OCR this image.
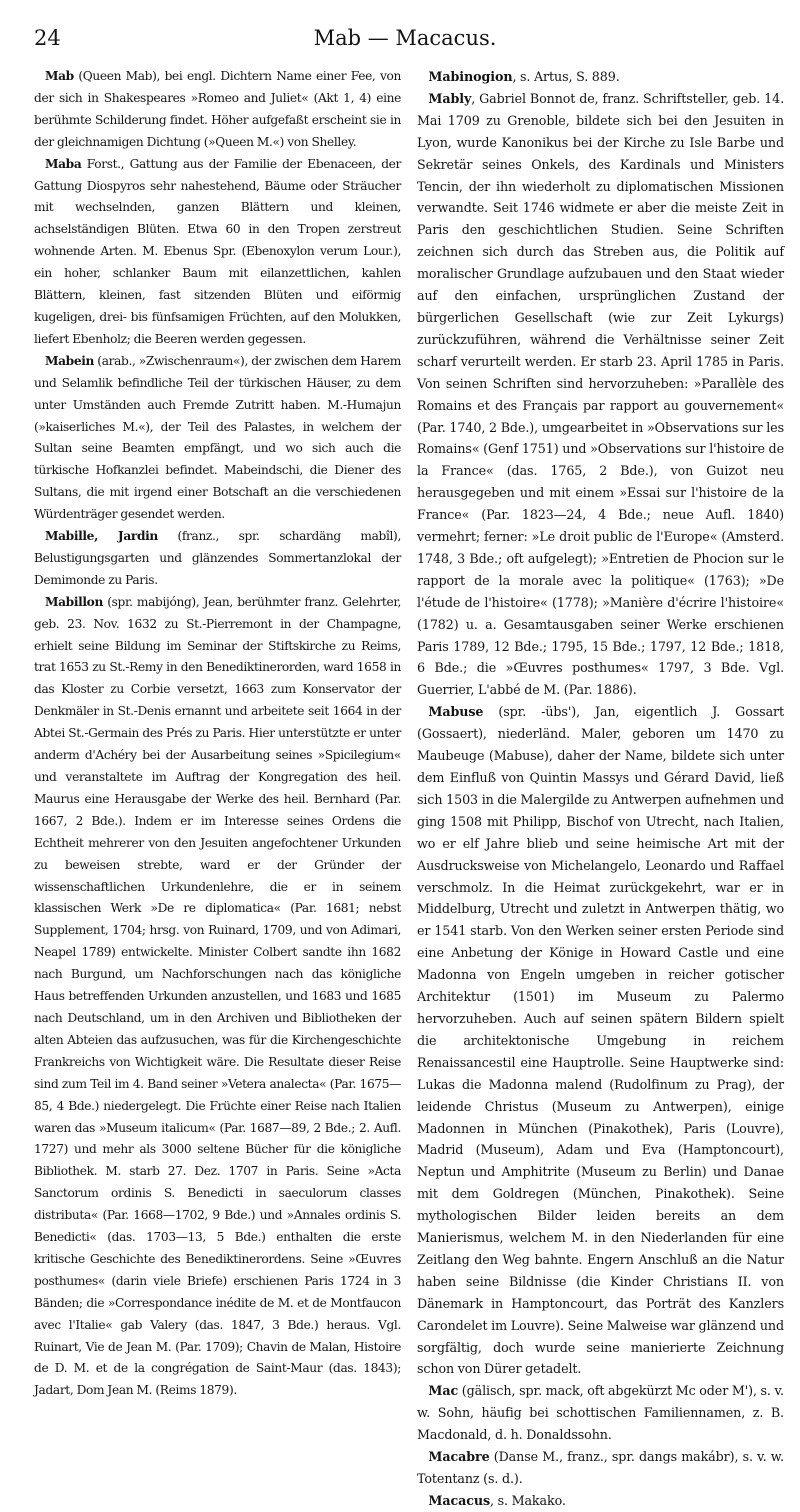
24	Mab — Macacus.

Mab (Queen Mab), bei engl. Dichtern Name einer Fee, von der sich in Shakespeares »Romeo and Juliet« (Akt 1, 4) eine berühmte Schilderung findet. Höher aufgefaßt erscheint sie in der gleichnamigen Dichtung (»Queen M.«) von Shelley.

Maba Forst., Gattung aus der Familie der Ebenaceen, der Gattung Diospyros sehr nahestehend, Bäume oder Sträucher mit wechselnden, ganzen Blättern und kleinen, achselständigen Blüten. Etwa 60 in den Tropen zerstreut wohnende Arten. M. Ebenus Spr. (Ebenoxylon verum Lour.), ein hoher, schlanker Baum mit eilanzettlichen, kahlen Blättern, kleinen, fast sitzenden Blüten und eiförmig kugeligen, drei- bis fünfsamigen Früchten, auf den Molukken, liefert Ebenholz; die Beeren werden gegessen.

Mabein (arab., »Zwischenraum«), der zwischen dem Harem und Selamlik befindliche Teil der türkischen Häuser, zu dem unter Umständen auch Fremde Zutritt haben. M.-Humajun (»kaiserliches M.«), der Teil des Palastes, in welchem der Sultan seine Beamten empfängt, und wo sich auch die türkische Hofkanzlei befindet. Mabeindschi, die Diener des Sultans, die mit irgend einer Botschaft an die verschiedenen Würdenträger gesendet werden.

Mabille, Jardin (franz., spr. schardäng mabîl), Belustigungsgarten und glänzendes Sommertanzlokal der Demimonde zu Paris.

Mabillon (spr. mabijóng), Jean, berühmter franz. Gelehrter, geb. 23. Nov. 1632 zu St.-Pierremont in der Champagne, erhielt seine Bildung im Seminar der Stiftskirche zu Reims, trat 1653 zu St.-Remy in den Benediktinerorden, ward 1658 in das Kloster zu Corbie versetzt, 1663 zum Konservator der Denkmäler in St.-Denis ernannt und arbeitete seit 1664 in der Abtei St.-Germain des Prés zu Paris. Hier unterstützte er unter anderm d'Achéry bei der Ausarbeitung seines »Spicilegium« und veranstaltete im Auftrag der Kongregation des heil. Maurus eine Herausgabe der Werke des heil. Bernhard (Par. 1667, 2 Bde.). Indem er im Interesse seines Ordens die Echtheit mehrerer von den Jesuiten angefochtener Urkunden zu beweisen strebte, ward er der Gründer der wissenschaftlichen Urkundenlehre, die er in seinem klassischen Werk »De re diplomatica« (Par. 1681; nebst Supplement, 1704; hrsg. von Ruinard, 1709, und von Adimari, Neapel 1789) entwickelte. Minister Colbert sandte ihn 1682 nach Burgund, um Nachforschungen nach das königliche Haus betreffenden Urkunden anzustellen, und 1683 und 1685 nach Deutschland, um in den Archiven und Bibliotheken der alten Abteien das aufzusuchen, was für die Kirchengeschichte Frankreichs von Wichtigkeit wäre. Die Resultate dieser Reise sind zum Teil im 4. Band seiner »Vetera analecta« (Par. 1675—85, 4 Bde.) niedergelegt. Die Früchte einer Reise nach Italien waren das »Museum italicum« (Par. 1687—89, 2 Bde.; 2. Aufl. 1727) und mehr als 3000 seltene Bücher für die königliche Bibliothek. M. starb 27. Dez. 1707 in Paris. Seine »Acta Sanctorum ordinis S. Benedicti in saeculorum classes distributa« (Par. 1668—1702, 9 Bde.) und »Annales ordinis S. Benedicti« (das. 1703—13, 5 Bde.) enthalten die erste kritische Geschichte des Benediktinerordens. Seine »Œuvres posthumes« (darin viele Briefe) erschienen Paris 1724 in 3 Bänden; die »Correspondance inédite de M. et de Montfaucon avec l'Italie« gab Valery (das. 1847, 3 Bde.) heraus. Vgl. Ruinart, Vie de Jean M. (Par. 1709); Chavin de Malan, Histoire de D. M. et de la congrégation de Saint-Maur (das. 1843); Jadart, Dom Jean M. (Reims 1879).

Mabinogion, s. Artus, S. 889.

Mably, Gabriel Bonnot de, franz. Schriftsteller, geb. 14. Mai 1709 zu Grenoble, bildete sich bei den Jesuiten in Lyon, wurde Kanonikus bei der Kirche zu Isle Barbe und Sekretär seines Onkels, des Kardinals und Ministers Tencin, der ihn wiederholt zu diplomatischen Missionen verwandte. Seit 1746 widmete er aber die meiste Zeit in Paris den geschichtlichen Studien. Seine Schriften zeichnen sich durch das Streben aus, die Politik auf moralischer Grundlage aufzubauen und den Staat wieder auf den einfachen, ursprünglichen Zustand der bürgerlichen Gesellschaft (wie zur Zeit Lykurgs) zurückzuführen, während die Verhältnisse seiner Zeit scharf verurteilt werden. Er starb 23. April 1785 in Paris. Von seinen Schriften sind hervorzuheben: »Parallèle des Romains et des Français par rapport au gouvernement« (Par. 1740, 2 Bde.), umgearbeitet in »Observations sur les Romains« (Genf 1751) und »Observations sur l'histoire de la France« (das. 1765, 2 Bde.), von Guizot neu herausgegeben und mit einem »Essai sur l'histoire de la France« (Par. 1823—24, 4 Bde.; neue Aufl. 1840) vermehrt; ferner: »Le droit public de l'Europe« (Amsterd. 1748, 3 Bde.; oft aufgelegt); »Entretien de Phocion sur le rapport de la morale avec la politique« (1763); »De l'étude de l'histoire« (1778); »Manière d'écrire l'histoire« (1782) u. a. Gesamtausgaben seiner Werke erschienen Paris 1789, 12 Bde.; 1795, 15 Bde.; 1797, 12 Bde.; 1818, 6 Bde.; die »Œuvres posthumes« 1797, 3 Bde. Vgl. Guerrier, L'abbé de M. (Par. 1886).

Mabuse (spr. -übs'), Jan, eigentlich J. Gossart (Gossaert), niederländ. Maler, geboren um 1470 zu Maubeuge (Mabuse), daher der Name, bildete sich unter dem Einfluß von Quintin Massys und Gérard David, ließ sich 1503 in die Malergilde zu Antwerpen aufnehmen und ging 1508 mit Philipp, Bischof von Utrecht, nach Italien, wo er elf Jahre blieb und seine heimische Art mit der Ausdrucksweise von Michelangelo, Leonardo und Raffael verschmolz. In die Heimat zurückgekehrt, war er in Middelburg, Utrecht und zuletzt in Antwerpen thätig, wo er 1541 starb. Von den Werken seiner ersten Periode sind eine Anbetung der Könige in Howard Castle und eine Madonna von Engeln umgeben in reicher gotischer Architektur (1501) im Museum zu Palermo hervorzuheben. Auch auf seinen spätern Bildern spielt die architektonische Umgebung in reichem Renaissancestil eine Hauptrolle. Seine Hauptwerke sind: Lukas die Madonna malend (Rudolfinum zu Prag), der leidende Christus (Museum zu Antwerpen), einige Madonnen in München (Pinakothek), Paris (Louvre), Madrid (Museum), Adam und Eva (Hamptoncourt), Neptun und Amphitrite (Museum zu Berlin) und Danae mit dem Goldregen (München, Pinakothek). Seine mythologischen Bilder leiden bereits an dem Manierismus, welchem M. in den Niederlanden für eine Zeitlang den Weg bahnte. Engern Anschluß an die Natur haben seine Bildnisse (die Kinder Christians II. von Dänemark in Hamptoncourt, das Porträt des Kanzlers Carondelet im Louvre). Seine Malweise war glänzend und sorgfältig, doch wurde seine manierierte Zeichnung schon von Dürer getadelt.

Mac (gälisch, spr. mack, oft abgekürzt Mc oder M'), s. v. w. Sohn, häufig bei schottischen Familiennamen, z. B. Macdonald, d. h. Donaldssohn.

Macabre (Danse M., franz., spr. dangs makábr), s. v. w. Totentanz (s. d.).

Macacus, s. Makako.
